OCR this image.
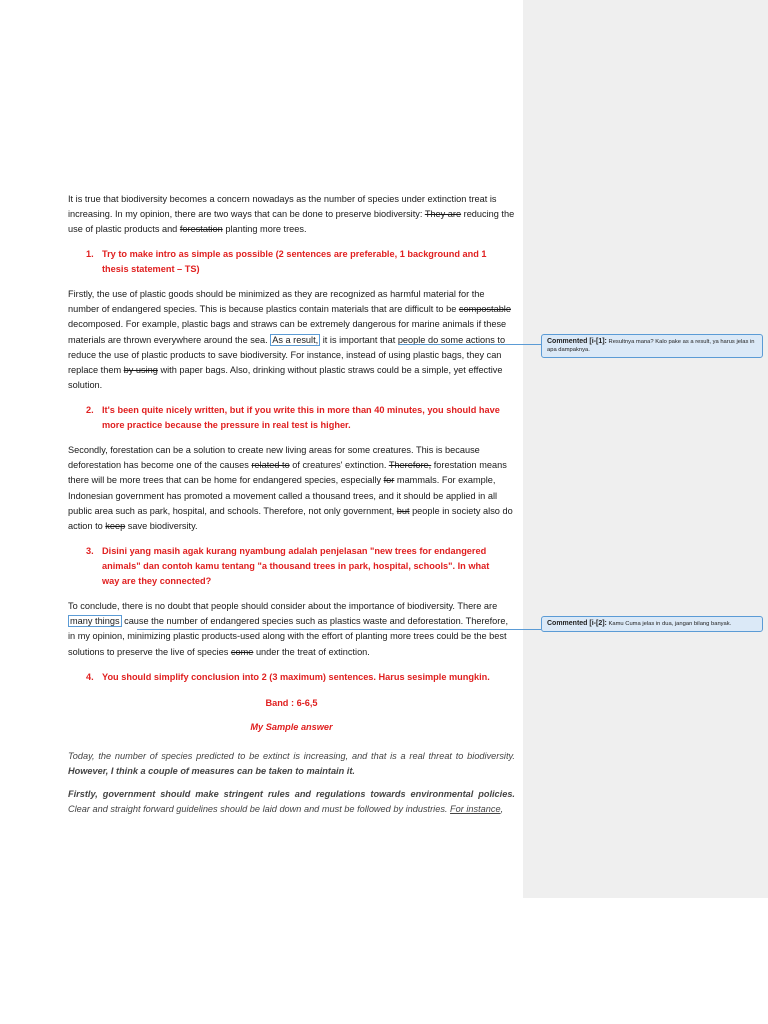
It is true that biodiversity becomes a concern nowadays as the number of species under extinction treat is increasing. In my opinion, there are two ways that can be done to preserve biodiversity: They are reducing the use of plastic products and forestation planting more trees.

1. Try to make intro as simple as possible (2 sentences are preferable, 1 background and 1 thesis statement – TS)

Firstly, the use of plastic goods should be minimized as they are recognized as harmful material for the number of endangered species. This is because plastics contain materials that are difficult to be compostable decomposed. For example, plastic bags and straws can be extremely dangerous for marine animals if these materials are thrown everywhere around the sea. As a result, it is important that people do some actions to reduce the use of plastic products to save biodiversity. For instance, instead of using plastic bags, they can replace them by using with paper bags. Also, drinking without plastic straws could be a simple, yet effective solution.

2. It's been quite nicely written, but if you write this in more than 40 minutes, you should have more practice because the pressure in real test is higher.

Secondly, forestation can be a solution to create new living areas for some creatures. This is because deforestation has become one of the causes related to of creatures' extinction. Therefore, forestation means there will be more trees that can be home for endangered species, especially for mammals. For example, Indonesian government has promoted a movement called a thousand trees, and it should be applied in all public area such as park, hospital, and schools. Therefore, not only government, but people in society also do action to keep save biodiversity.

3. Disini yang masih agak kurang nyambung adalah penjelasan "new trees for endangered animals" dan contoh kamu tentang "a thousand trees in park, hospital, schools". In what way are they connected?

To conclude, there is no doubt that people should consider about the importance of biodiversity. There are many things cause the number of endangered species such as plastics waste and deforestation. Therefore, in my opinion, minimizing plastic products-used along with the effort of planting more trees could be the best solutions to preserve the live of species come under the treat of extinction.

4. You should simplify conclusion into 2 (3 maximum) sentences. Harus sesimple mungkin.
Band : 6-6,5
My Sample answer

Today, the number of species predicted to be extinct is increasing, and that is a real threat to biodiversity. However, I think a couple of measures can be taken to maintain it.

Firstly, government should make stringent rules and regulations towards environmental policies. Clear and straight forward guidelines should be laid down and must be followed by industries. For instance,

Commented [i-[1]: Resultnya mana? Kalo pake as a result, ya harus jelas in apa dampaknya.
Commented [i-[2]: Kamu Cuma jelas in dua, jangan bilang banyak.
